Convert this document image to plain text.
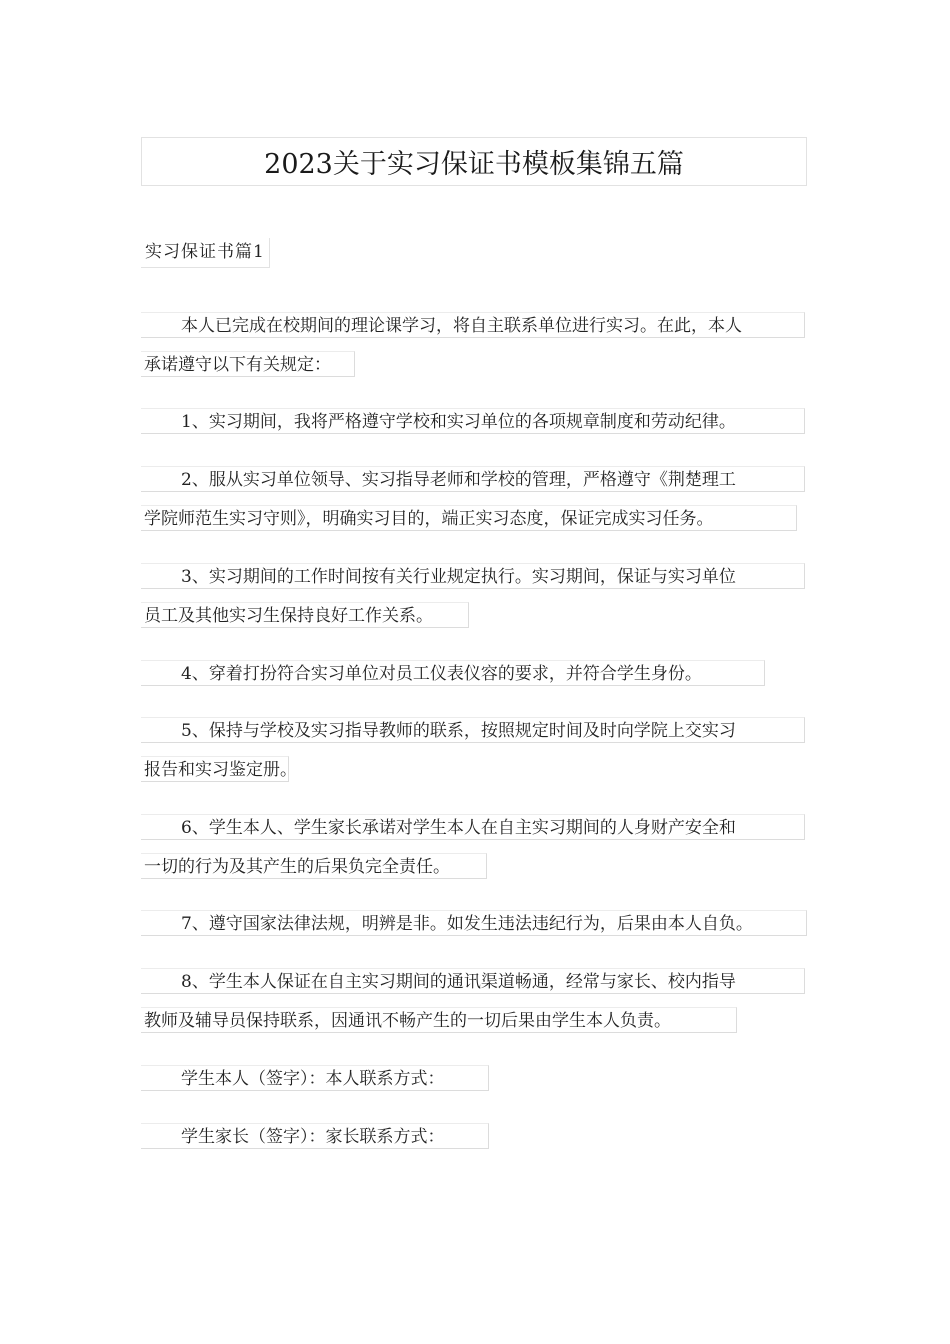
2023关于实习保证书模板集锦五篇
实习保证书篇1
本人已完成在校期间的理论课学习，将自主联系单位进行实习。在此，本人
承诺遵守以下有关规定：
1、实习期间，我将严格遵守学校和实习单位的各项规章制度和劳动纪律。
2、服从实习单位领导、实习指导老师和学校的管理，严格遵守《荆楚理工
学院师范生实习守则》，明确实习目的，端正实习态度，保证完成实习任务。
3、实习期间的工作时间按有关行业规定执行。实习期间，保证与实习单位
员工及其他实习生保持良好工作关系。
4、穿着打扮符合实习单位对员工仪表仪容的要求，并符合学生身份。
5、保持与学校及实习指导教师的联系，按照规定时间及时向学院上交实习
报告和实习鉴定册。
6、学生本人、学生家长承诺对学生本人在自主实习期间的人身财产安全和
一切的行为及其产生的后果负完全责任。
7、遵守国家法律法规，明辨是非。如发生违法违纪行为，后果由本人自负。
8、学生本人保证在自主实习期间的通讯渠道畅通，经常与家长、校内指导
教师及辅导员保持联系，因通讯不畅产生的一切后果由学生本人负责。
学生本人（签字）：本人联系方式：
学生家长（签字）：家长联系方式：
